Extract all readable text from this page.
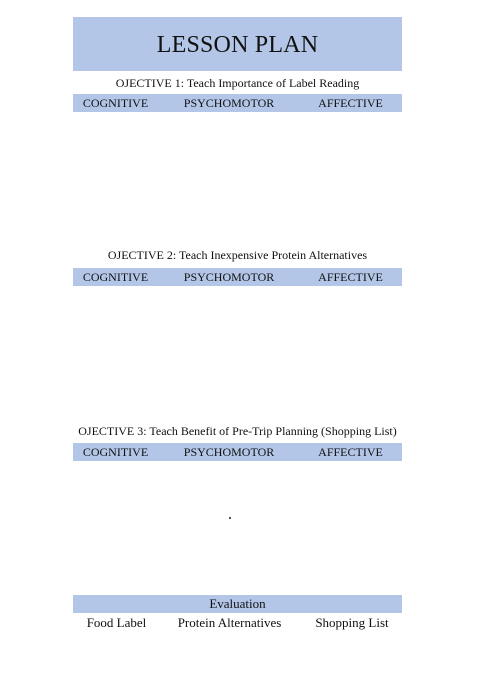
LESSON PLAN
OJECTIVE 1: Teach Importance of Label Reading
COGNITIVE	PSYCHOMOTOR	AFFECTIVE
OJECTIVE 2: Teach Inexpensive Protein Alternatives
COGNITIVE	PSYCHOMOTOR	AFFECTIVE
OJECTIVE 3: Teach Benefit of Pre-Trip Planning (Shopping List)
COGNITIVE	PSYCHOMOTOR	AFFECTIVE
Evaluation
Food Label	Protein Alternatives	Shopping List
